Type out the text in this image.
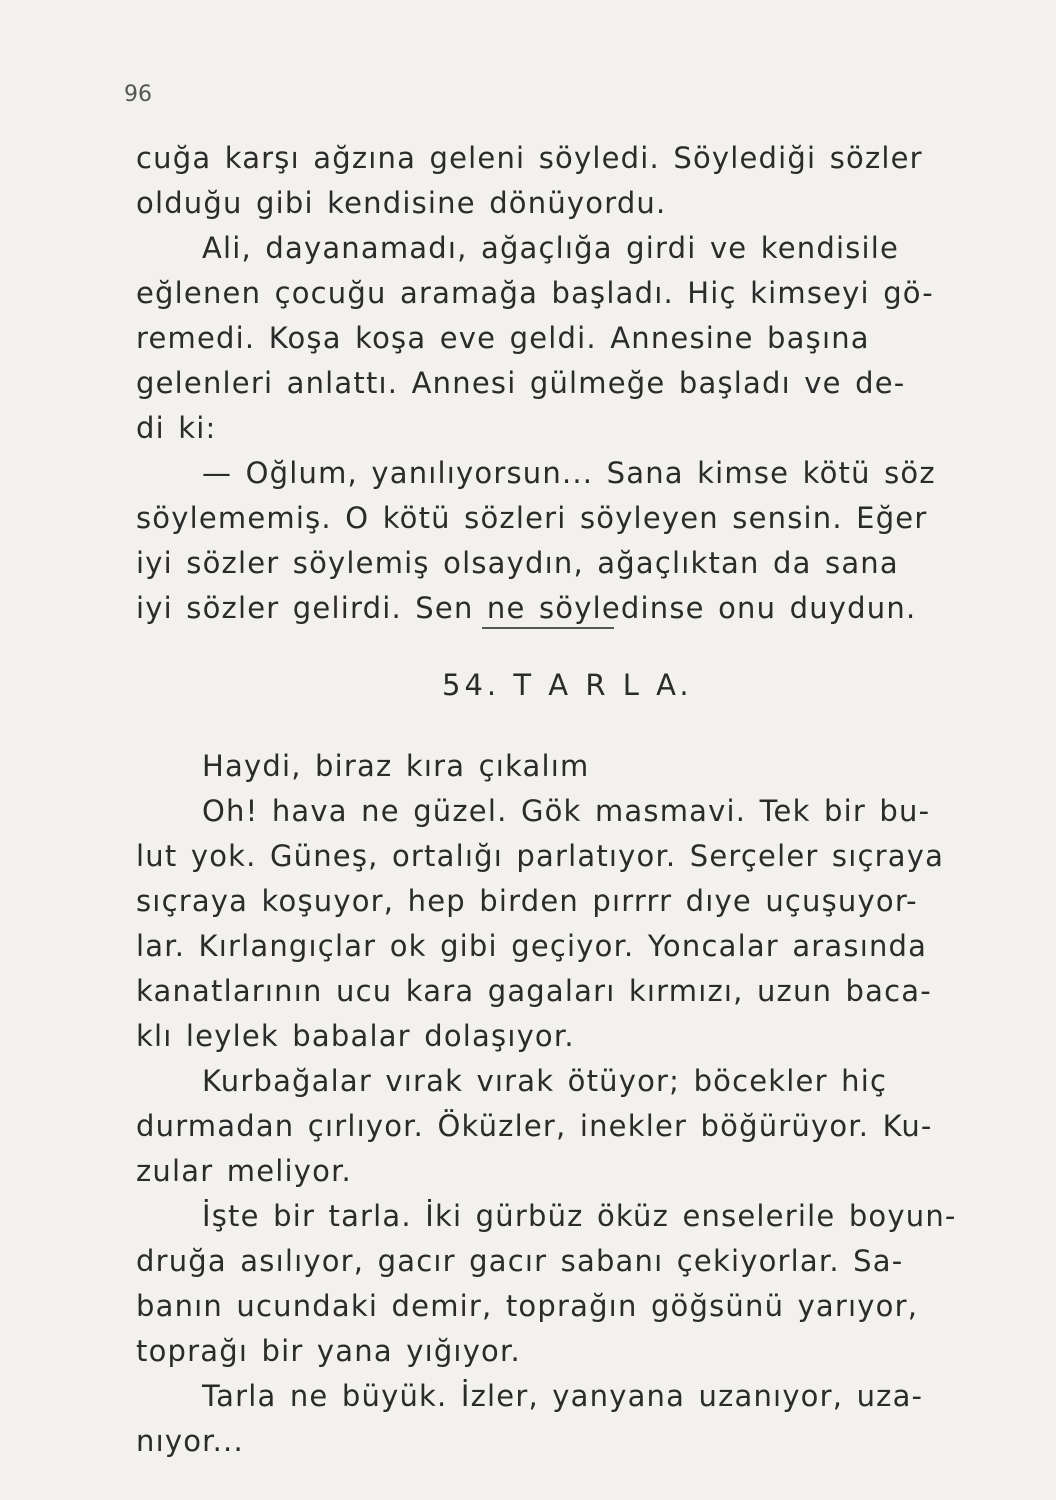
96
cuğa karşı ağzına geleni söyledi. Söylediği sözler
olduğu gibi kendisine dönüyordu.
Ali, dayanamadı, ağaçlığa girdi ve kendisile
eğlenen çocuğu aramağa başladı. Hiç kimseyi gö-
remedi. Koşa koşa eve geldi. Annesine başına
gelenleri anlattı. Annesi gülmeğe başladı ve de-
di ki:
— Oğlum, yanılıyorsun... Sana kimse kötü söz
söylememiş. O kötü sözleri söyleyen sensin. Eğer
iyi sözler söylemiş olsaydın, ağaçlıktan da sana
iyi sözler gelirdi. Sen ne söyledinse onu duydun.
54. T A R L A.
Haydi, biraz kıra çıkalım
Oh! hava ne güzel. Gök masmavi. Tek bir bu-
lut yok. Güneş, ortalığı parlatıyor. Serçeler sıçraya
sıçraya koşuyor, hep birden pırrrr dıye uçuşuyor-
lar. Kırlangıçlar ok gibi geçiyor. Yoncalar arasında
kanatlarının ucu kara gagaları kırmızı, uzun baca-
klı leylek babalar dolaşıyor.
Kurbağalar vırak vırak ötüyor; böcekler hiç
durmadan çırlıyor. Öküzler, inekler böğürüyor. Ku-
zular meliyor.
İşte bir tarla. İki gürbüz öküz enselerile boyun-
druğa asılıyor, gacır gacır sabanı çekiyorlar. Sa-
banın ucundaki demir, toprağın göğsünü yarıyor,
toprağı bir yana yığıyor.
Tarla ne büyük. İzler, yanyana uzanıyor, uza-
nıyor...
